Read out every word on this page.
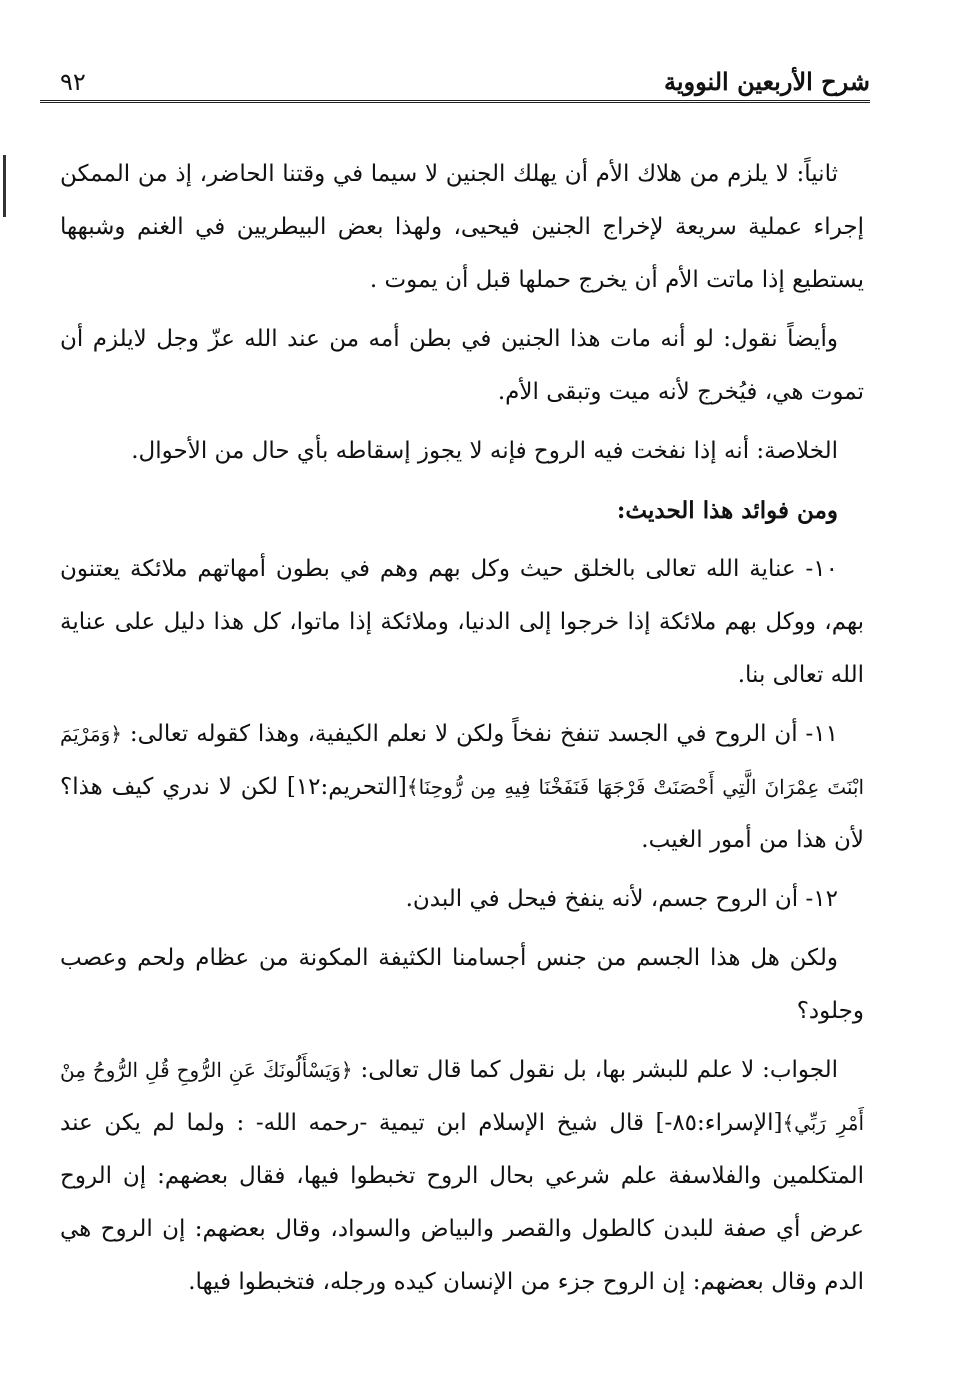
٩٢	شرح الأربعين النووية

ثانياً: لا يلزم من هلاك الأم أن يهلك الجنين لا سيما في وقتنا الحاضر، إذ من الممكن إجراء عملية سريعة لإخراج الجنين فيحيى، ولهذا بعض البيطريين في الغنم وشبهها يستطيع إذا ماتت الأم أن يخرج حملها قبل أن يموت .

وأيضاً نقول: لو أنه مات هذا الجنين في بطن أمه من عند الله عزّ وجل لايلزم أن تموت هي، فيُخرج لأنه ميت وتبقى الأم.

الخلاصة: أنه إذا نفخت فيه الروح فإنه لا يجوز إسقاطه بأي حال من الأحوال.

ومن فوائد هذا الحديث:

١٠- عناية الله تعالى بالخلق حيث وكل بهم وهم في بطون أمهاتهم ملائكة يعتنون بهم، ووكل بهم ملائكة إذا خرجوا إلى الدنيا، وملائكة إذا ماتوا، كل هذا دليل على عناية الله تعالى بنا.

١١- أن الروح في الجسد تنفخ نفخاً ولكن لا نعلم الكيفية، وهذا كقوله تعالى: ﴿وَمَرْيَمَ ابْنَتَ عِمْرَانَ الَّتِي أَحْصَنَتْ فَرْجَهَا فَنَفَخْنَا فِيهِ مِن رُّوحِنَا﴾[التحريم:١٢] لكن لا ندري كيف هذا؟لأن هذا من أمور الغيب.

١٢- أن الروح جسم، لأنه ينفخ فيحل في البدن.

ولكن هل هذا الجسم من جنس أجسامنا الكثيفة المكونة من عظام ولحم وعصب وجلود؟

الجواب: لا علم للبشر بها، بل نقول كما قال تعالى: ﴿وَيَسْأَلُونَكَ عَنِ الرُّوحِ قُلِ الرُّوحُ مِنْ أَمْرِ رَبِّي﴾[الإسراء:٨٥-] قال شيخ الإسلام ابن تيمية -رحمه الله- : ولما لم يكن عند المتكلمين والفلاسفة علم شرعي بحال الروح تخبطوا فيها، فقال بعضهم: إن الروح عرض أي صفة للبدن كالطول والقصر والبياض والسواد، وقال بعضهم: إن الروح هي الدم وقال بعضهم: إن الروح جزء من الإنسان كيده ورجله، فتخبطوا فيها.
